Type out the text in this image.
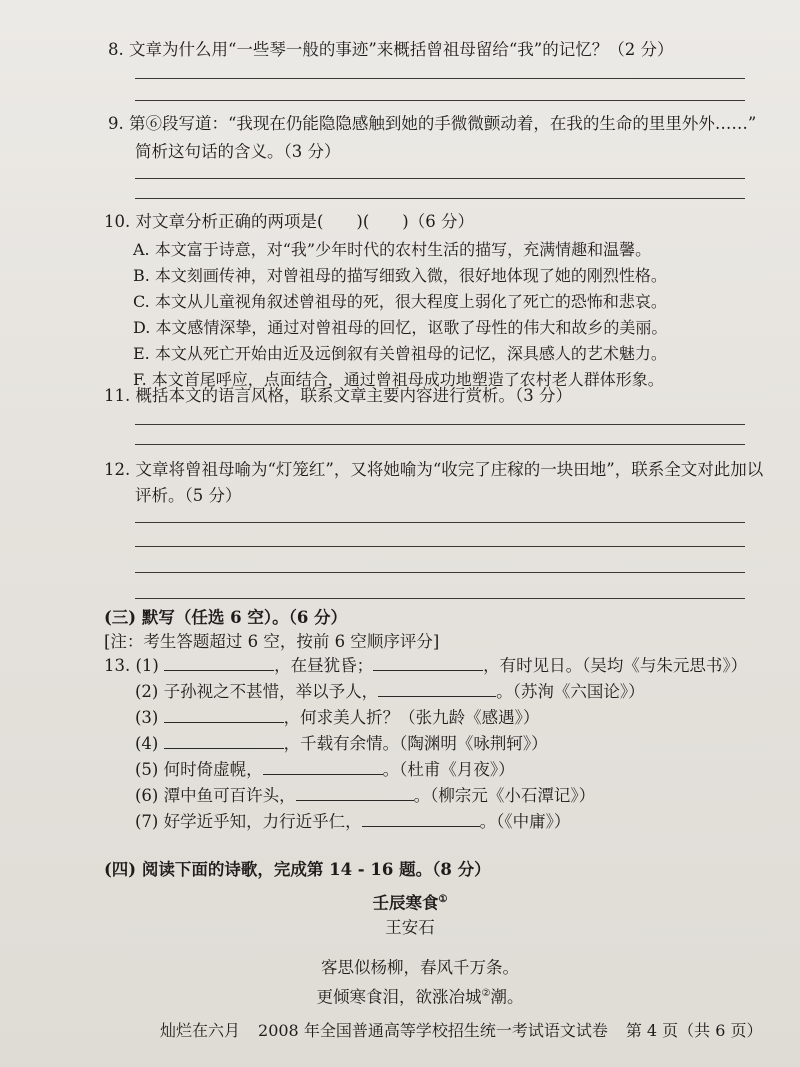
8. 文章为什么用“一些琴一般的事迹”来概括曾祖母留给“我”的记忆？（2 分）
9. 第⑥段写道：“我现在仍能隐隐感触到她的手微微颤动着，在我的生命的里里外外……”
简析这句话的含义。（3 分）
10. 对文章分析正确的两项是(　　)(　　)（6 分）
A. 本文富于诗意，对“我”少年时代的农村生活的描写，充满情趣和温馨。
B. 本文刻画传神，对曾祖母的描写细致入微，很好地体现了她的刚烈性格。
C. 本文从儿童视角叙述曾祖母的死，很大程度上弱化了死亡的恐怖和悲哀。
D. 本文感情深挚，通过对曾祖母的回忆，讴歌了母性的伟大和故乡的美丽。
E. 本文从死亡开始由近及远倒叙有关曾祖母的记忆，深具感人的艺术魅力。
F. 本文首尾呼应，点面结合，通过曾祖母成功地塑造了农村老人群体形象。
11. 概括本文的语言风格，联系文章主要内容进行赏析。（3 分）
12. 文章将曾祖母喻为“灯笼红”，又将她喻为“收完了庄稼的一块田地”，联系全文对此加以
评析。（5 分）
(三) 默写（任选 6 空）。（6 分）
[注：考生答题超过 6 空，按前 6 空顺序评分]
13. (1)	，在昼犹昏；	，有时见日。（吴均《与朱元思书》）
(2) 子孙视之不甚惜，举以予人，	。（苏洵《六国论》）
(3)	，何求美人折？（张九龄《感遇》）
(4)	，千载有余情。（陶渊明《咏荆轲》）
(5) 何时倚虚幌，	。（杜甫《月夜》）
(6) 潭中鱼可百许头，	。（柳宗元《小石潭记》）
(7) 好学近乎知，力行近乎仁，	。（《中庸》）
(四) 阅读下面的诗歌，完成第 14 - 16 题。（8 分）
壬辰寒食①
王安石
客思似杨柳，春风千万条。
更倾寒食泪，欲涨冶城②潮。
灿烂在六月 2008 年全国普通高等学校招生统一考试语文试卷 第 4 页（共 6 页）
